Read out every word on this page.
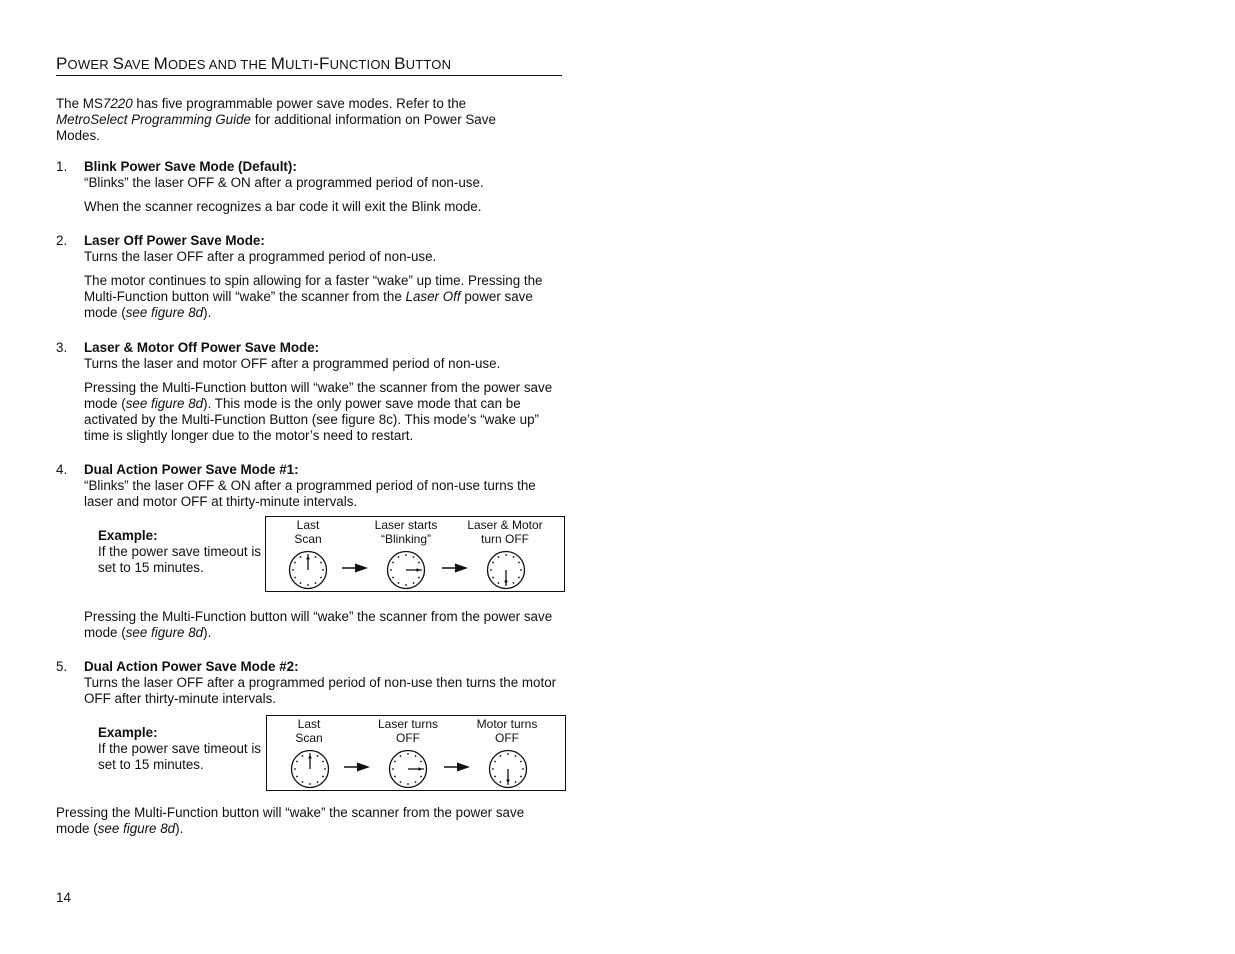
POWER SAVE MODES AND THE MULTI-FUNCTION BUTTON

The MS7220 has five programmable power save modes. Refer to the MetroSelect Programming Guide for additional information on Power Save Modes.

1. Blink Power Save Mode (Default):

“Blinks” the laser OFF & ON after a programmed period of non-use.

When the scanner recognizes a bar code it will exit the Blink mode.

2. Laser Off Power Save Mode:

Turns the laser OFF after a programmed period of non-use.

The motor continues to spin allowing for a faster “wake” up time. Pressing the Multi-Function button will “wake” the scanner from the Laser Off power save mode (see figure 8d).

3. Laser & Motor Off Power Save Mode:

Turns the laser and motor OFF after a programmed period of non-use.

Pressing the Multi-Function button will “wake” the scanner from the power save mode (see figure 8d). This mode is the only power save mode that can be activated by the Multi-Function Button (see figure 8c). This mode’s “wake up” time is slightly longer due to the motor’s need to restart.

4. Dual Action Power Save Mode #1:

“Blinks” the laser OFF & ON after a programmed period of non-use turns the laser and motor OFF at thirty-minute intervals.

Example:

If the power save timeout is set to 15 minutes.

Last
Scan
Laser starts
“Blinking”
Laser & Motor
turn OFF
Pressing the Multi-Function button will “wake” the scanner from the power save mode (see figure 8d).
5. Dual Action Power Save Mode #2:

Turns the laser OFF after a programmed period of non-use then turns the motor OFF after thirty-minute intervals.

Example:

If the power save timeout is set to 15 minutes.

Last
Scan
Laser turns
OFF
Motor turns
OFF

Pressing the Multi-Function button will “wake” the scanner from the power save mode (see figure 8d).

14
